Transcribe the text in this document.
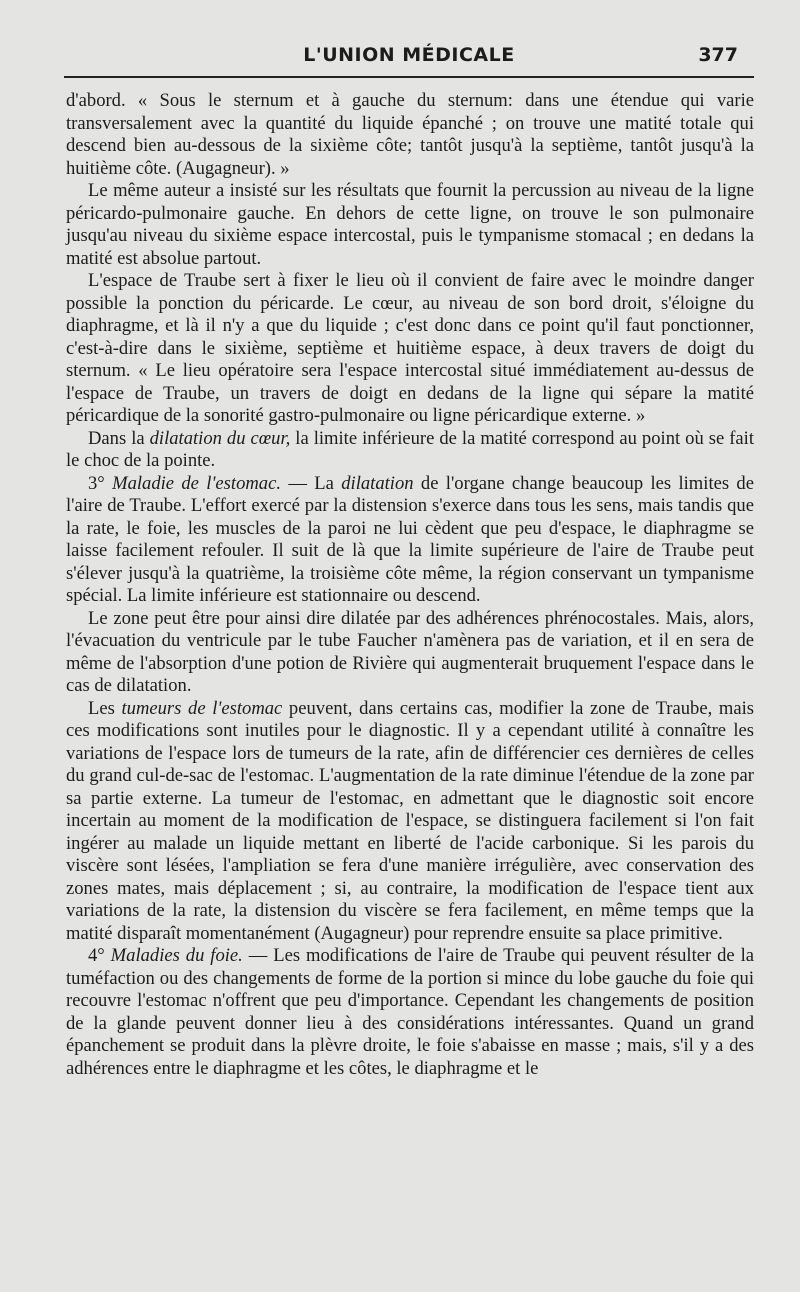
L'UNION MÉDICALE	377

d'abord. « Sous le sternum et à gauche du sternum: dans une étendue qui varie transversalement avec la quantité du liquide épanché ; on trouve une matité totale qui descend bien au-dessous de la sixième côte; tantôt jusqu'à la septième, tantôt jusqu'à la huitième côte. (Augagneur). »

Le même auteur a insisté sur les résultats que fournit la percussion au niveau de la ligne péricardo-pulmonaire gauche. En dehors de cette ligne, on trouve le son pulmonaire jusqu'au niveau du sixième espace intercostal, puis le tympanisme stomacal ; en dedans la matité est absolue partout.

L'espace de Traube sert à fixer le lieu où il convient de faire avec le moindre danger possible la ponction du péricarde. Le cœur, au niveau de son bord droit, s'éloigne du diaphragme, et là il n'y a que du liquide ; c'est donc dans ce point qu'il faut ponctionner, c'est-à-dire dans le sixième, septième et huitième espace, à deux travers de doigt du sternum. « Le lieu opératoire sera l'espace intercostal situé immédiatement au-dessus de l'espace de Traube, un travers de doigt en dedans de la ligne qui sépare la matité péricardique de la sonorité gastro-pulmonaire ou ligne péricardique externe. »

Dans la dilatation du cœur, la limite inférieure de la matité correspond au point où se fait le choc de la pointe.

3° Maladie de l'estomac. — La dilatation de l'organe change beaucoup les limites de l'aire de Traube. L'effort exercé par la distension s'exerce dans tous les sens, mais tandis que la rate, le foie, les muscles de la paroi ne lui cèdent que peu d'espace, le diaphragme se laisse facilement refouler. Il suit de là que la limite supérieure de l'aire de Traube peut s'élever jusqu'à la quatrième, la troisième côte même, la région conservant un tympanisme spécial. La limite inférieure est stationnaire ou descend.

Le zone peut être pour ainsi dire dilatée par des adhérences phrénocostales. Mais, alors, l'évacuation du ventricule par le tube Faucher n'amènera pas de variation, et il en sera de même de l'absorption d'une potion de Rivière qui augmenterait bruquement l'espace dans le cas de dilatation.

Les tumeurs de l'estomac peuvent, dans certains cas, modifier la zone de Traube, mais ces modifications sont inutiles pour le diagnostic. Il y a cependant utilité à connaître les variations de l'espace lors de tumeurs de la rate, afin de différencier ces dernières de celles du grand cul-de-sac de l'estomac. L'augmentation de la rate diminue l'étendue de la zone par sa partie externe. La tumeur de l'estomac, en admettant que le diagnostic soit encore incertain au moment de la modification de l'espace, se distinguera facilement si l'on fait ingérer au malade un liquide mettant en liberté de l'acide carbonique. Si les parois du viscère sont lésées, l'ampliation se fera d'une manière irrégulière, avec conservation des zones mates, mais déplacement ; si, au contraire, la modification de l'espace tient aux variations de la rate, la distension du viscère se fera facilement, en même temps que la matité disparaît momentanément (Augagneur) pour reprendre ensuite sa place primitive.

4° Maladies du foie. — Les modifications de l'aire de Traube qui peuvent résulter de la tuméfaction ou des changements de forme de la portion si mince du lobe gauche du foie qui recouvre l'estomac n'offrent que peu d'importance. Cependant les changements de position de la glande peuvent donner lieu à des considérations intéressantes. Quand un grand épanchement se produit dans la plèvre droite, le foie s'abaisse en masse ; mais, s'il y a des adhérences entre le diaphragme et les côtes, le diaphragme et le
